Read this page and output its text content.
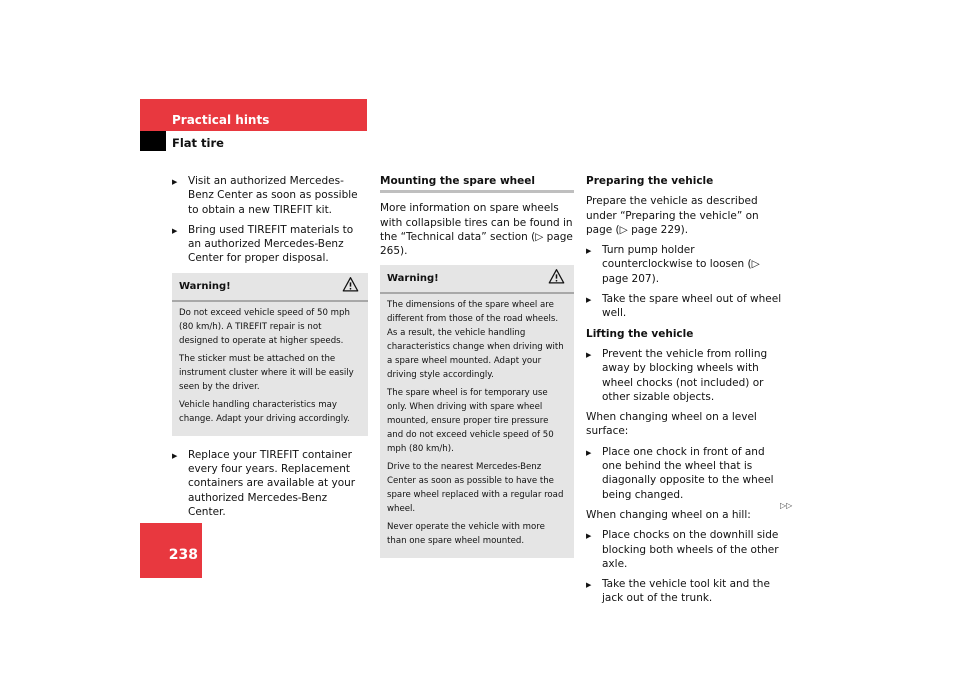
Practical hints
Flat tire
238
▶ Visit an authorized Mercedes-Benz Center as soon as possible to obtain a new TIREFIT kit.
▶ Bring used TIREFIT materials to an authorized Mercedes-Benz Center for proper disposal.
Warning!

Do not exceed vehicle speed of 50 mph (80 km/h). A TIREFIT repair is not designed to operate at higher speeds.

The sticker must be attached on the instrument cluster where it will be easily seen by the driver.

Vehicle handling characteristics may change. Adapt your driving accordingly.

▶ Replace your TIREFIT container every four years. Replacement containers are available at your authorized Mercedes-Benz Center.
Mounting the spare wheel
More information on spare wheels with collapsible tires can be found in the “Technical data” section (▷ page 265).
Warning!

The dimensions of the spare wheel are different from those of the road wheels. As a result, the vehicle handling characteristics change when driving with a spare wheel mounted. Adapt your driving style accordingly.

The spare wheel is for temporary use only. When driving with spare wheel mounted, ensure proper tire pressure and do not exceed vehicle speed of 50 mph (80 km/h).

Drive to the nearest Mercedes-Benz Center as soon as possible to have the spare wheel replaced with a regular road wheel.

Never operate the vehicle with more than one spare wheel mounted.

Preparing the vehicle
Prepare the vehicle as described under “Preparing the vehicle” on page (▷ page 229).
▶ Turn pump holder counterclockwise to loosen (▷ page 207).
▶ Take the spare wheel out of wheel well.
Lifting the vehicle
▶ Prevent the vehicle from rolling away by blocking wheels with wheel chocks (not included) or other sizable objects.
When changing wheel on a level surface:
▶ Place one chock in front of and one behind the wheel that is diagonally opposite to the wheel being changed.
When changing wheel on a hill:
▶ Place chocks on the downhill side blocking both wheels of the other axle.
▶ Take the vehicle tool kit and the jack out of the trunk.
▷▷
